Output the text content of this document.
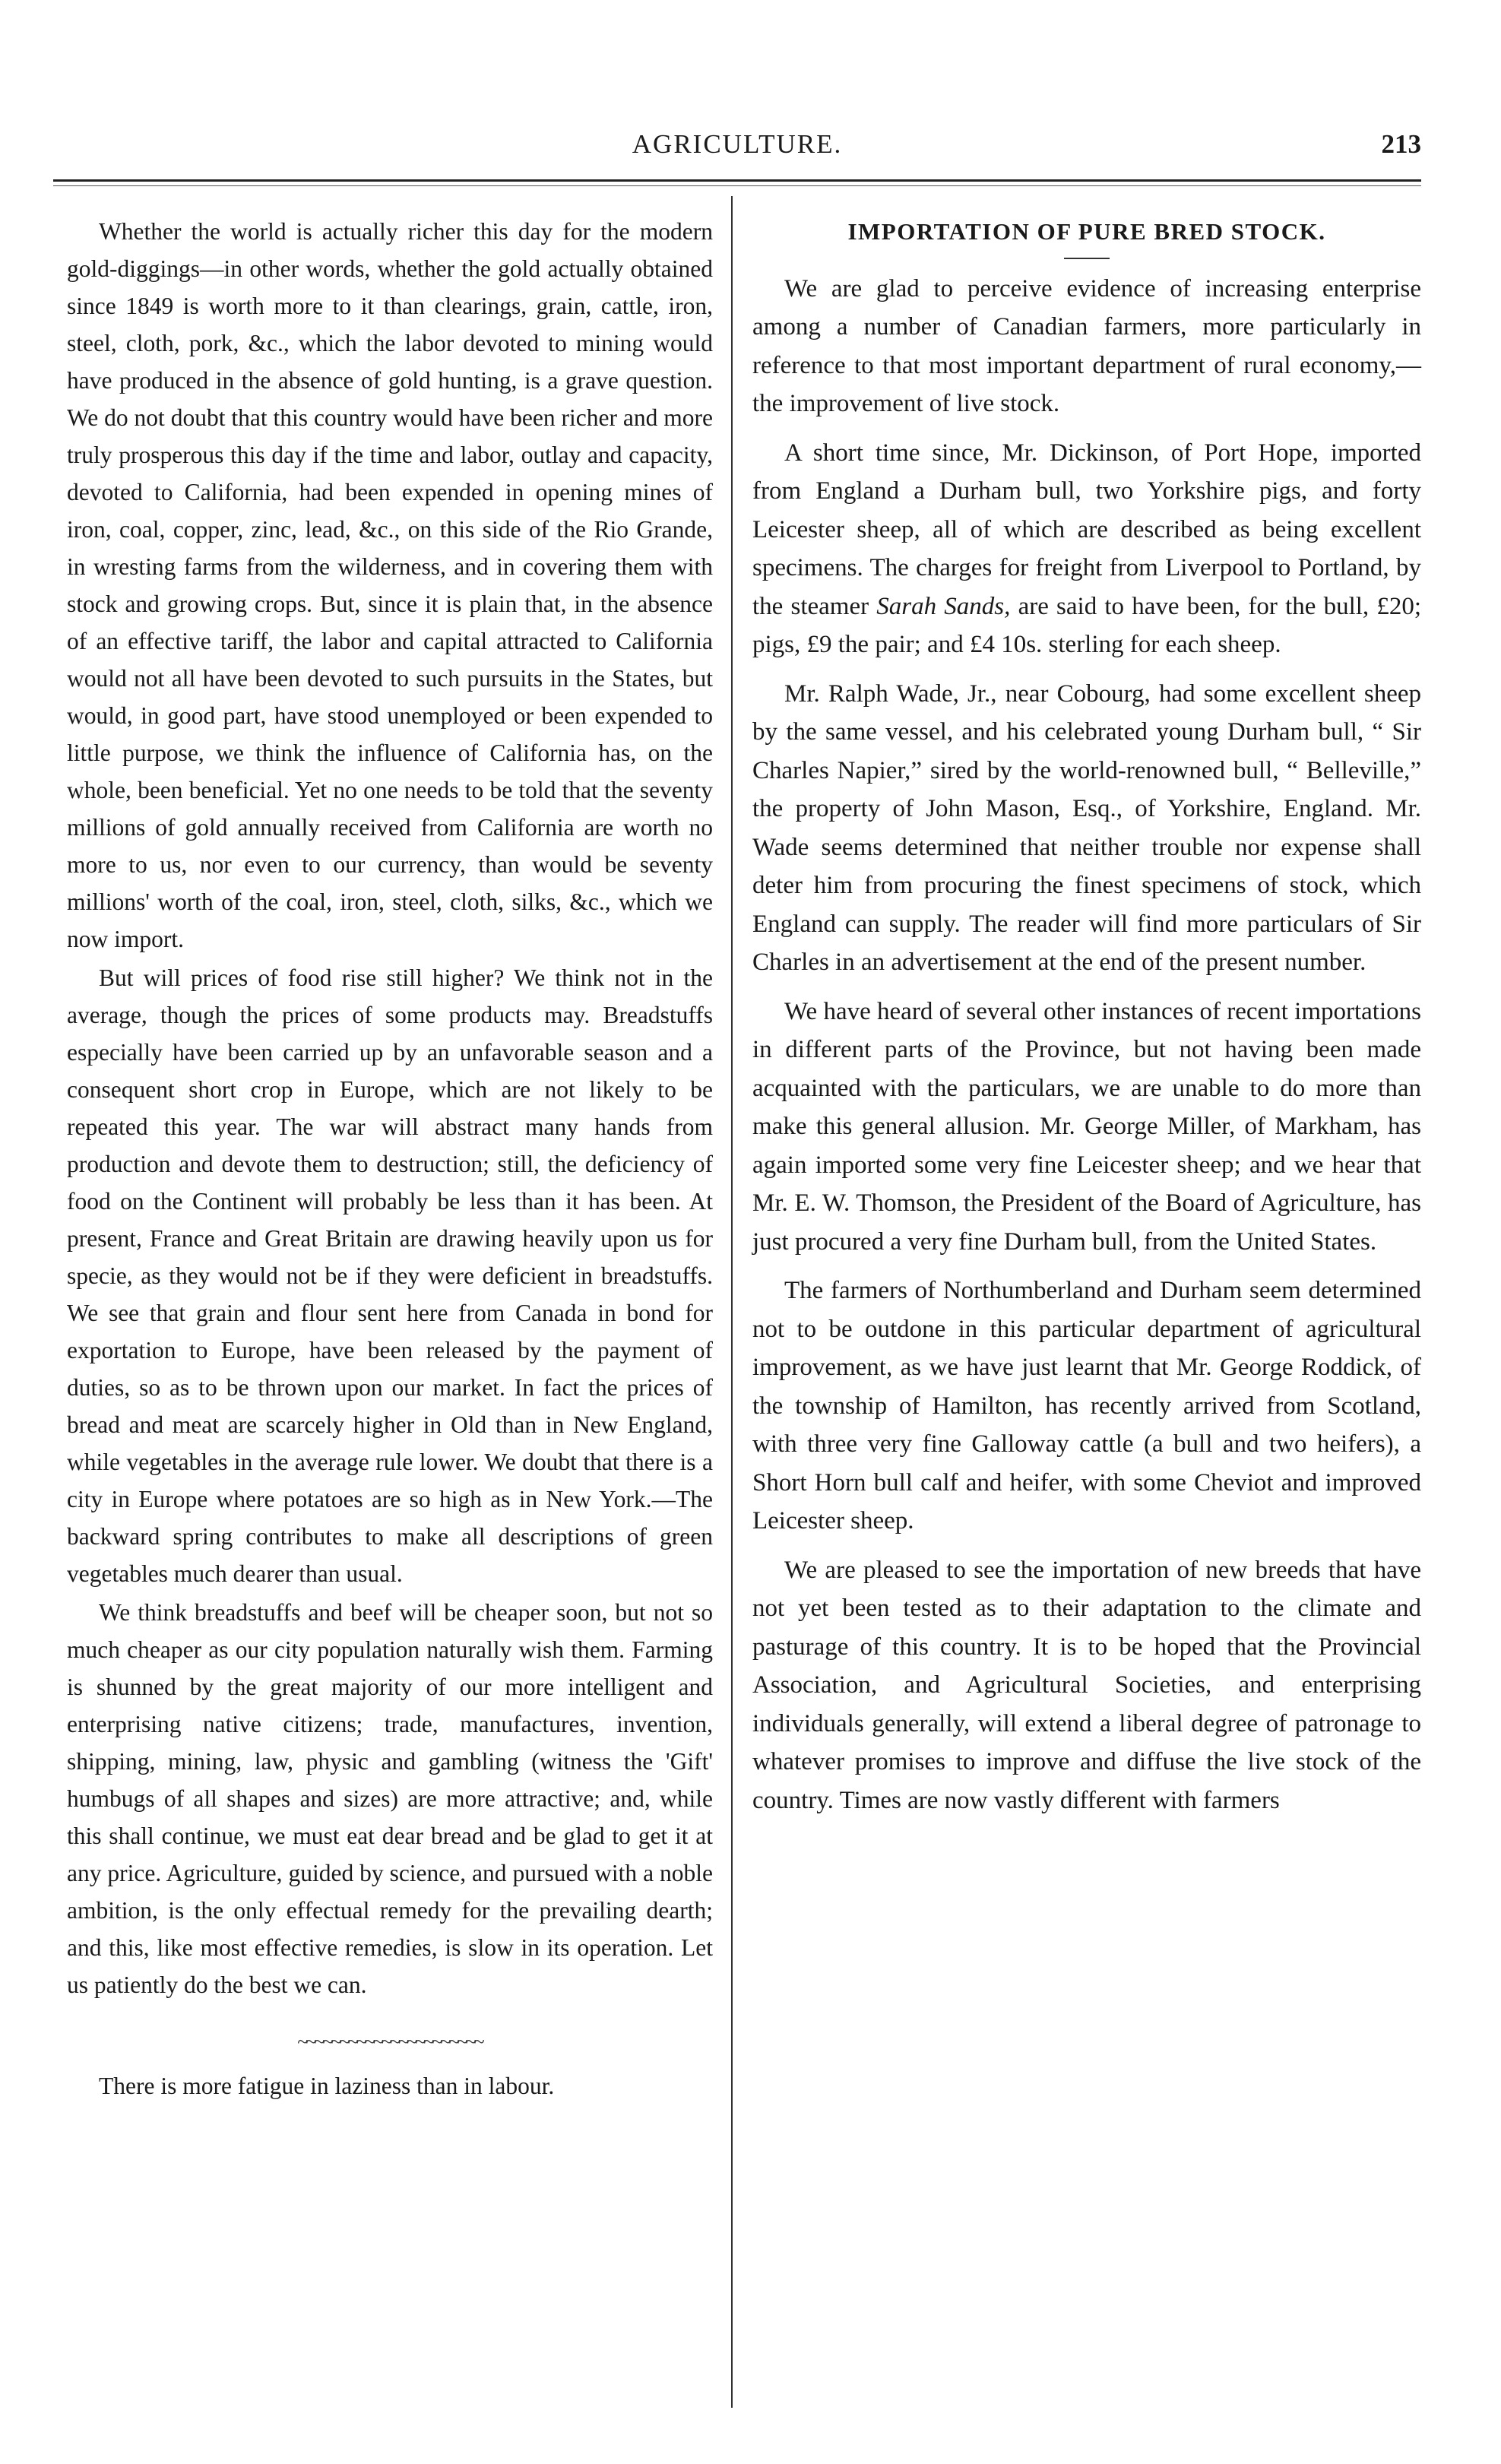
AGRICULTURE.	213

Whether the world is actually richer this day for the modern gold-diggings—in other words, whether the gold actually obtained since 1849 is worth more to it than clearings, grain, cattle, iron, steel, cloth, pork, &c., which the labor devoted to mining would have produced in the absence of gold hunting, is a grave question. We do not doubt that this country would have been richer and more truly prosperous this day if the time and labor, outlay and capacity, devoted to California, had been expended in opening mines of iron, coal, copper, zinc, lead, &c., on this side of the Rio Grande, in wresting farms from the wilderness, and in covering them with stock and growing crops. But, since it is plain that, in the absence of an effective tariff, the labor and capital attracted to California would not all have been devoted to such pursuits in the States, but would, in good part, have stood unemployed or been expended to little purpose, we think the influence of California has, on the whole, been beneficial. Yet no one needs to be told that the seventy millions of gold annually received from California are worth no more to us, nor even to our currency, than would be seventy millions' worth of the coal, iron, steel, cloth, silks, &c., which we now import.

But will prices of food rise still higher? We think not in the average, though the prices of some products may. Breadstuffs especially have been carried up by an unfavorable season and a consequent short crop in Europe, which are not likely to be repeated this year. The war will abstract many hands from production and devote them to destruction; still, the deficiency of food on the Continent will probably be less than it has been. At present, France and Great Britain are drawing heavily upon us for specie, as they would not be if they were deficient in breadstuffs. We see that grain and flour sent here from Canada in bond for exportation to Europe, have been released by the payment of duties, so as to be thrown upon our market. In fact the prices of bread and meat are scarcely higher in Old than in New England, while vegetables in the average rule lower. We doubt that there is a city in Europe where potatoes are so high as in New York.—The backward spring contributes to make all descriptions of green vegetables much dearer than usual.

We think breadstuffs and beef will be cheaper soon, but not so much cheaper as our city population naturally wish them. Farming is shunned by the great majority of our more intelligent and enterprising native citizens; trade, manufactures, invention, shipping, mining, law, physic and gambling (witness the 'Gift' humbugs of all shapes and sizes) are more attractive; and, while this shall continue, we must eat dear bread and be glad to get it at any price. Agriculture, guided by science, and pursued with a noble ambition, is the only effectual remedy for the prevailing dearth; and this, like most effective remedies, is slow in its operation. Let us patiently do the best we can.

~~~~~~~~~~~~~~~~~~~~~~

There is more fatigue in laziness than in labour.

IMPORTATION OF PURE BRED STOCK.

We are glad to perceive evidence of increasing enterprise among a number of Canadian farmers, more particularly in reference to that most important department of rural economy,—the improvement of live stock.

A short time since, Mr. Dickinson, of Port Hope, imported from England a Durham bull, two Yorkshire pigs, and forty Leicester sheep, all of which are described as being excellent specimens. The charges for freight from Liverpool to Portland, by the steamer Sarah Sands, are said to have been, for the bull, £20; pigs, £9 the pair; and £4 10s. sterling for each sheep.

Mr. Ralph Wade, Jr., near Cobourg, had some excellent sheep by the same vessel, and his celebrated young Durham bull, “ Sir Charles Napier,” sired by the world-renowned bull, “ Belleville,” the property of John Mason, Esq., of Yorkshire, England. Mr. Wade seems determined that neither trouble nor expense shall deter him from procuring the finest specimens of stock, which England can supply. The reader will find more particulars of Sir Charles in an advertisement at the end of the present number.

We have heard of several other instances of recent importations in different parts of the Province, but not having been made acquainted with the particulars, we are unable to do more than make this general allusion. Mr. George Miller, of Markham, has again imported some very fine Leicester sheep; and we hear that Mr. E. W. Thomson, the President of the Board of Agriculture, has just procured a very fine Durham bull, from the United States.

The farmers of Northumberland and Durham seem determined not to be outdone in this particular department of agricultural improvement, as we have just learnt that Mr. George Roddick, of the township of Hamilton, has recently arrived from Scotland, with three very fine Galloway cattle (a bull and two heifers), a Short Horn bull calf and heifer, with some Cheviot and improved Leicester sheep.

We are pleased to see the importation of new breeds that have not yet been tested as to their adaptation to the climate and pasturage of this country. It is to be hoped that the Provincial Association, and Agricultural Societies, and enterprising individuals generally, will extend a liberal degree of patronage to whatever promises to improve and diffuse the live stock of the country. Times are now vastly different with farmers
